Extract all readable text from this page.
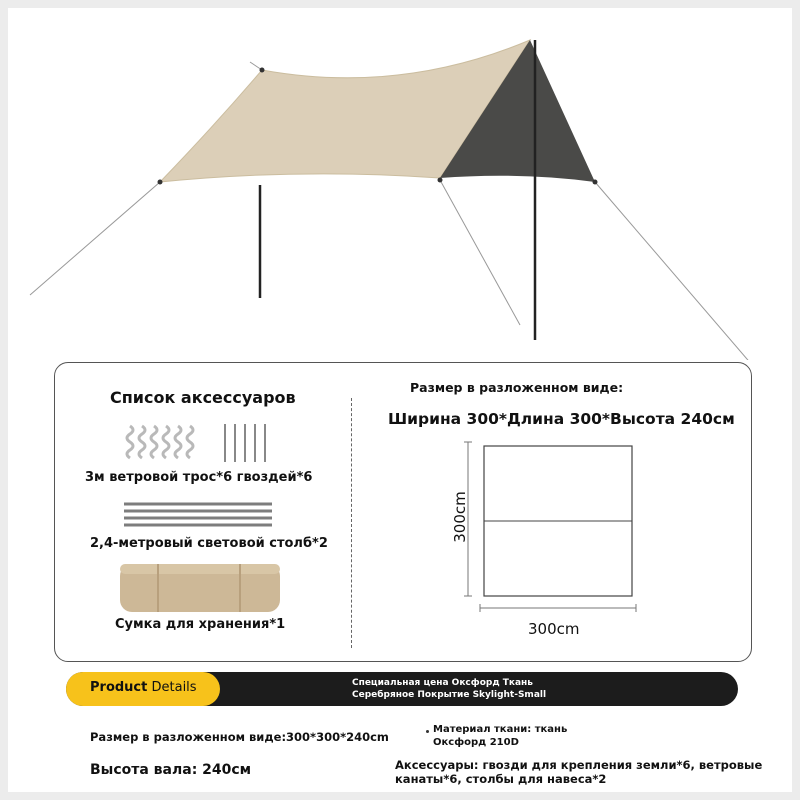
Список аксессуаров
3м ветровой трос*6 гвоздей*6
2,4-метровый световой столб*2
Сумка для хранения*1
Размер в разложенном виде:
Ширина 300*Длина 300*Высота 240см
300cm
300cm
Product Details	Специальная цена Оксфорд Ткань
Серебряное Покрытие Skylight-Small
Размер в разложенном виде:300*300*240cm
Материал ткани: ткань
Оксфорд 210D
Высота вала: 240см	Аксессуары: гвозди для крепления земли*6, ветровые
канаты*6, столбы для навеса*2
